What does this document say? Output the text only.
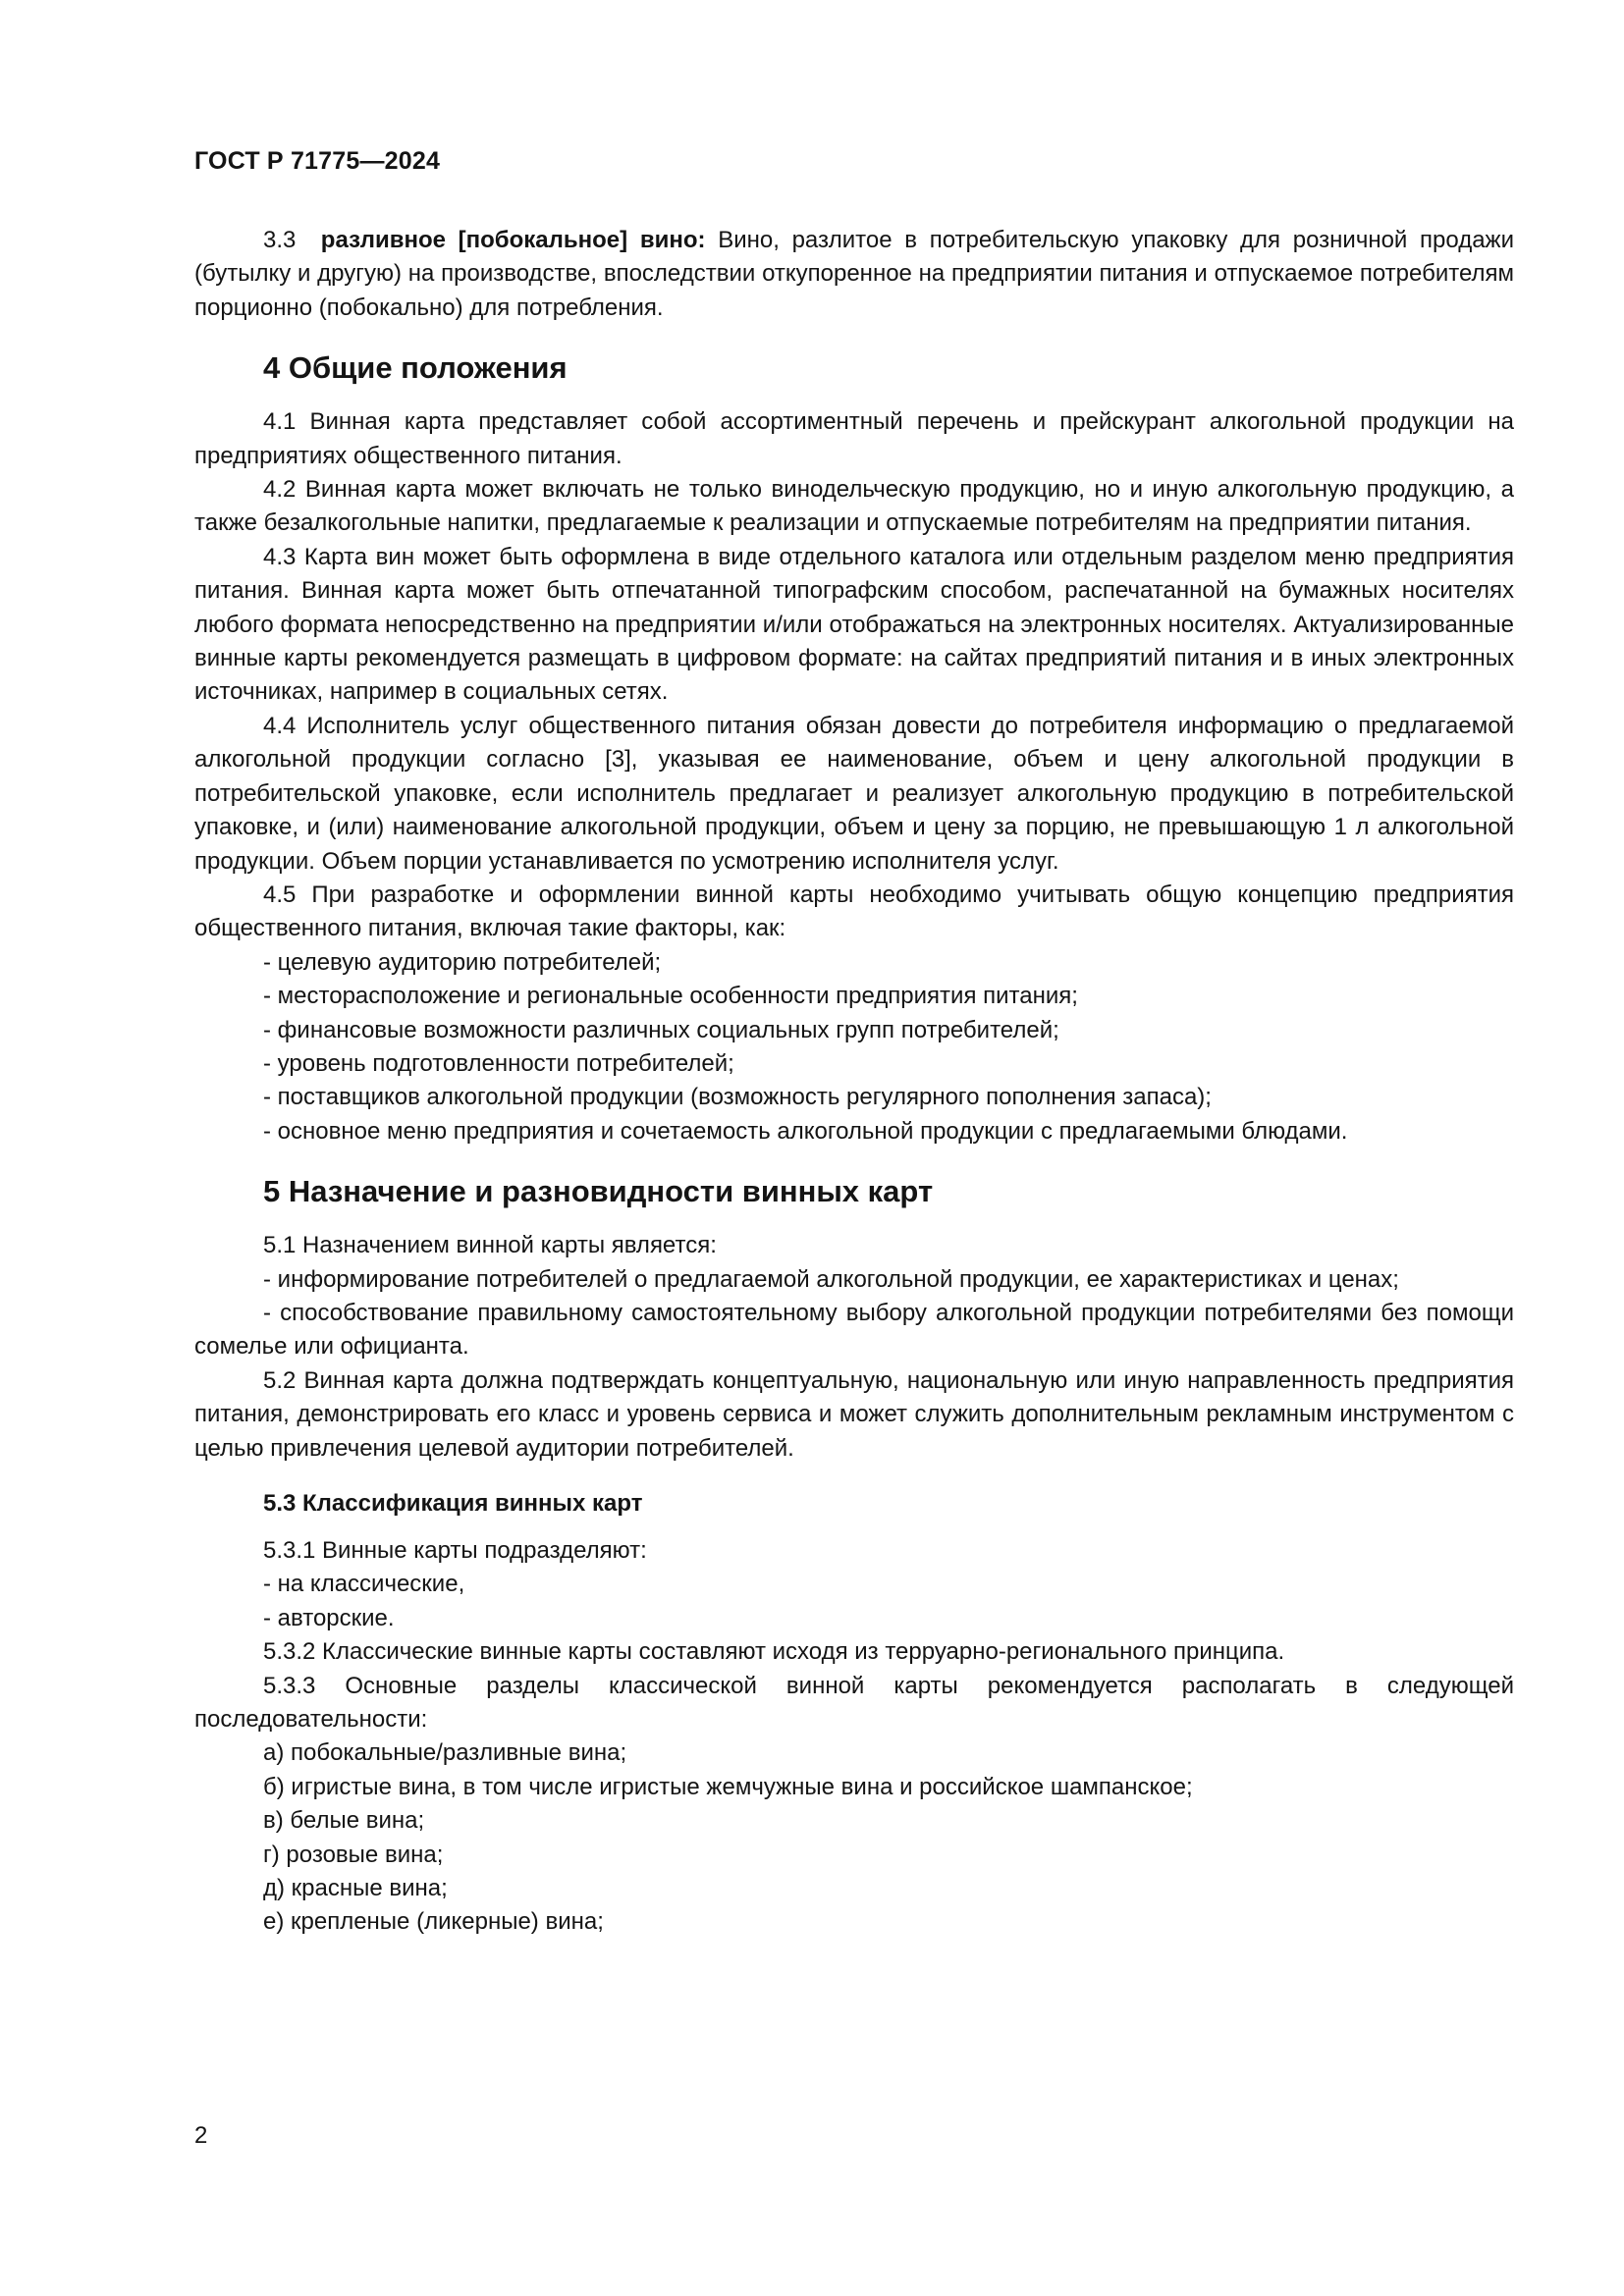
ГОСТ Р 71775—2024

3.3 разливное [побокальное] вино: Вино, разлитое в потребительскую упаковку для розничной продажи (бутылку и другую) на производстве, впоследствии откупоренное на предприятии питания и отпускаемое потребителям порционно (побокально) для потребления.

4 Общие положения

4.1 Винная карта представляет собой ассортиментный перечень и прейскурант алкогольной продукции на предприятиях общественного питания.

4.2 Винная карта может включать не только винодельческую продукцию, но и иную алкогольную продукцию, а также безалкогольные напитки, предлагаемые к реализации и отпускаемые потребителям на предприятии питания.

4.3 Карта вин может быть оформлена в виде отдельного каталога или отдельным разделом меню предприятия питания. Винная карта может быть отпечатанной типографским способом, распечатанной на бумажных носителях любого формата непосредственно на предприятии и/или отображаться на электронных носителях. Актуализированные винные карты рекомендуется размещать в цифровом формате: на сайтах предприятий питания и в иных электронных источниках, например в социальных сетях.

4.4 Исполнитель услуг общественного питания обязан довести до потребителя информацию о предлагаемой алкогольной продукции согласно [3], указывая ее наименование, объем и цену алкогольной продукции в потребительской упаковке, если исполнитель предлагает и реализует алкогольную продукцию в потребительской упаковке, и (или) наименование алкогольной продукции, объем и цену за порцию, не превышающую 1 л алкогольной продукции. Объем порции устанавливается по усмотрению исполнителя услуг.

4.5 При разработке и оформлении винной карты необходимо учитывать общую концепцию предприятия общественного питания, включая такие факторы, как:

- целевую аудиторию потребителей;

- месторасположение и региональные особенности предприятия питания;

- финансовые возможности различных социальных групп потребителей;

- уровень подготовленности потребителей;

- поставщиков алкогольной продукции (возможность регулярного пополнения запаса);

- основное меню предприятия и сочетаемость алкогольной продукции с предлагаемыми блюдами.

5 Назначение и разновидности винных карт

5.1 Назначением винной карты является:

- информирование потребителей о предлагаемой алкогольной продукции, ее характеристиках и ценах;

- способствование правильному самостоятельному выбору алкогольной продукции потребителями без помощи сомелье или официанта.

5.2 Винная карта должна подтверждать концептуальную, национальную или иную направленность предприятия питания, демонстрировать его класс и уровень сервиса и может служить дополнительным рекламным инструментом с целью привлечения целевой аудитории потребителей.

5.3 Классификация винных карт

5.3.1 Винные карты подразделяют:

- на классические,

- авторские.

5.3.2 Классические винные карты составляют исходя из терруарно-регионального принципа.

5.3.3 Основные разделы классической винной карты рекомендуется располагать в следующей последовательности:

а) побокальные/разливные вина;

б) игристые вина, в том числе игристые жемчужные вина и российское шампанское;

в) белые вина;

г) розовые вина;

д) красные вина;

е) крепленые (ликерные) вина;

2
